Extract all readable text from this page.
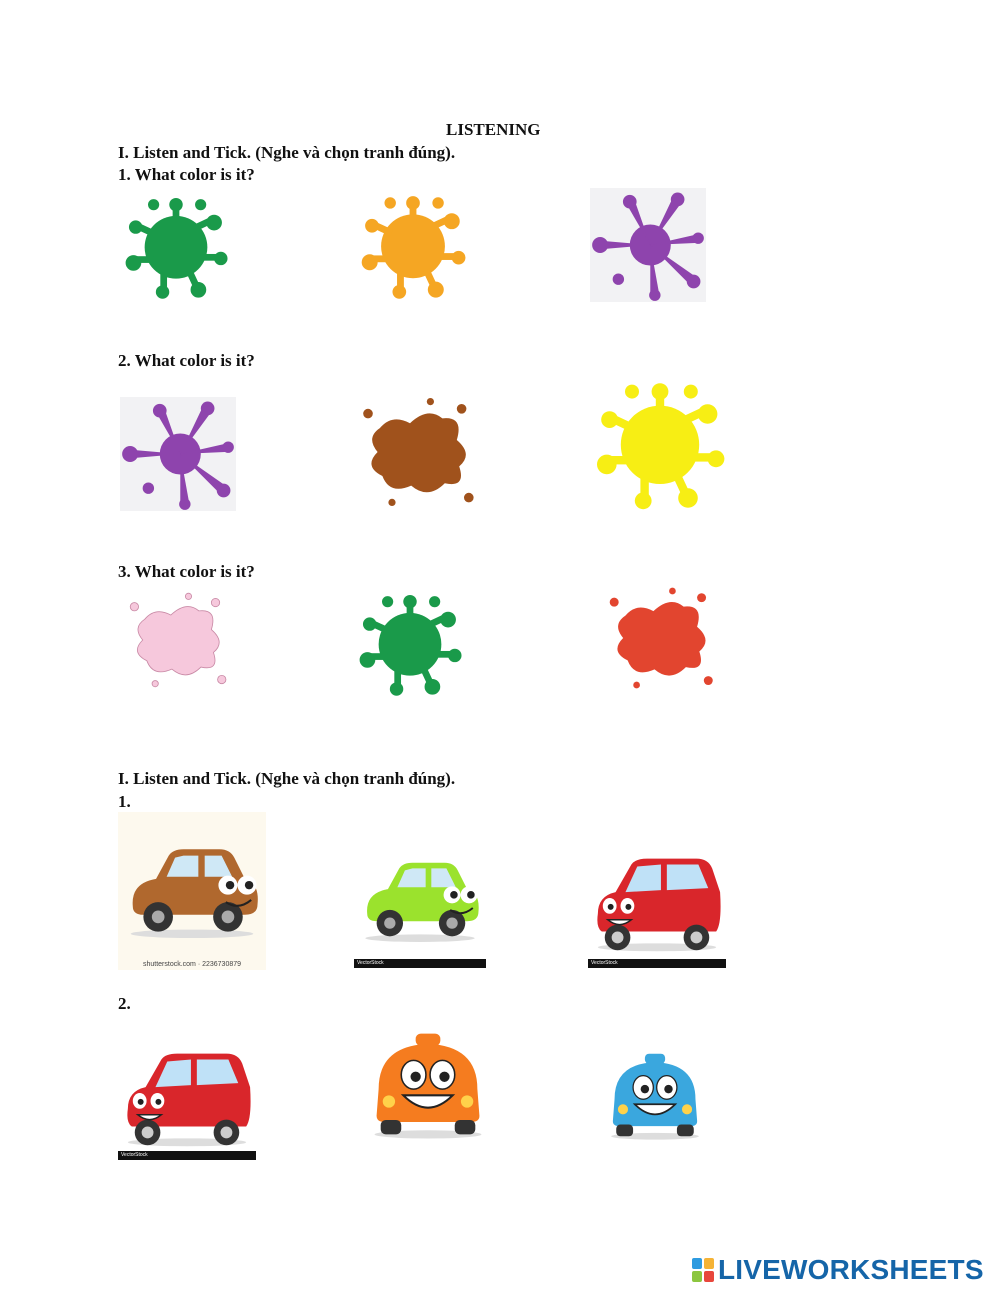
LISTENING
I. Listen and Tick. (Nghe và chọn tranh đúng).
1. What color is it?
2. What color is it?
3. What color is it?
I. Listen and Tick. (Nghe và chọn tranh đúng).
1.
shutterstock.com · 2236730879	VectorStock	VectorStock
2.
VectorStock
LIVEWORKSHEETS
